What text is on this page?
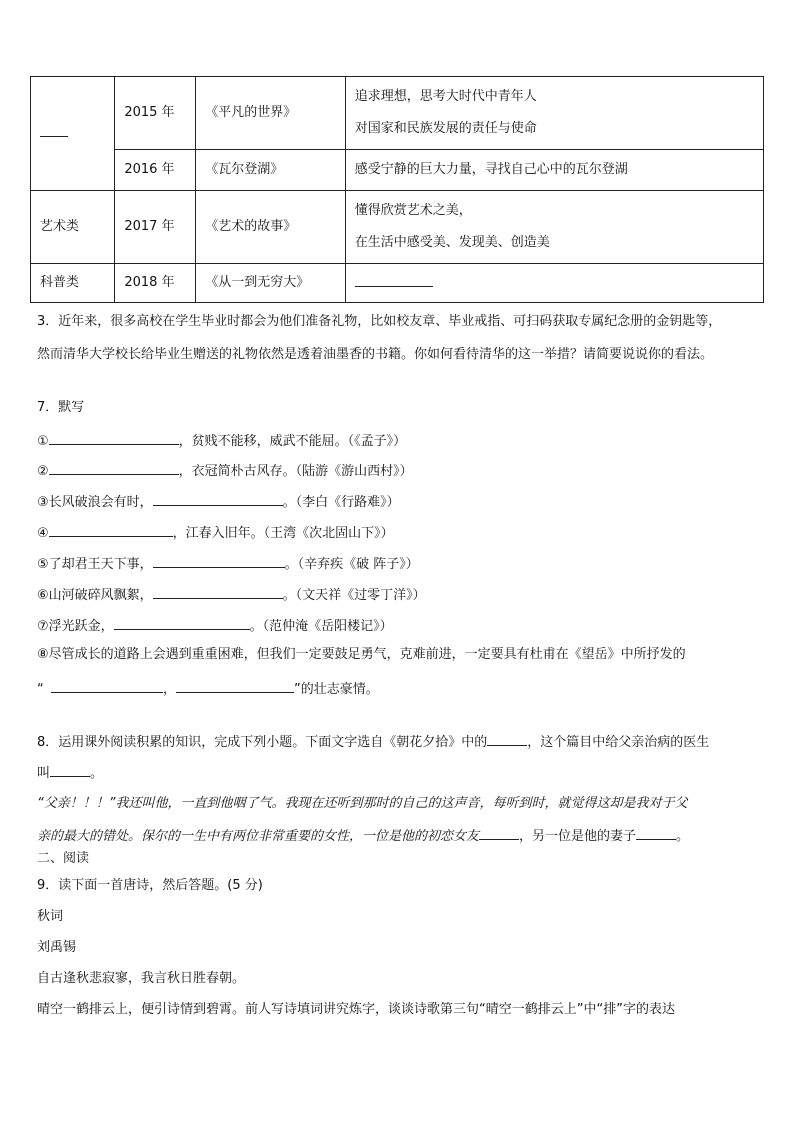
	2015 年	《平凡的世界》	追求理想，思考大时代中青年人
对国家和民族发展的责任与使命

	2016 年	《瓦尔登湖》	感受宁静的巨大力量，寻找自己心中的瓦尔登湖
艺术类	2017 年	《艺术的故事》	懂得欣赏艺术之美，
在生活中感受美、发现美、创造美

科普类	2018 年	《从一到无穷大》	
3．近年来，很多高校在学生毕业时都会为他们准备礼物，比如校友章、毕业戒指、可扫码获取专属纪念册的金钥匙等，
然而清华大学校长给毕业生赠送的礼物依然是透着油墨香的书籍。你如何看待清华的这一举措？请简要说说你的看法。
7．默写
①	，贫贱不能移，威武不能屈。（《孟子》）
②	，衣冠简朴古风存。（陆游《游山西村》）
③长风破浪会有时，	。（李白《行路难》）
④	，江春入旧年。（王湾《次北固山下》）
⑤了却君王天下事，	。（辛弃疾《破 阵子》）
⑥山河破碎风飘絮，	。（文天祥《过零丁洋》）
⑦浮光跃金，	。（范仲淹《岳阳楼记》）
⑧尽管成长的道路上会遇到重重困难，但我们一定要鼓足勇气，克难前进，一定要具有杜甫在《望岳》中所抒发的
“	，	”的壮志豪情。
8．运用课外阅读积累的知识，完成下列小题。下面文字选自《朝花夕拾》中的	，这个篇目中给父亲治病的医生
叫	。
“父亲！！！”我还叫他，一直到他咽了气。我现在还听到那时的自己的这声音，每听到时，就觉得这却是我对于父
亲的最大的错处。保尔的一生中有两位非常重要的女性，一位是他的初恋女友	，另一位是他的妻子	。
二、阅读
9．读下面一首唐诗，然后答题。(5 分)
秋词
刘禹锡
自古逢秋悲寂寥，我言秋日胜春朝。
晴空一鹤排云上，便引诗情到碧霄。前人写诗填词讲究炼字，谈谈诗歌第三句“晴空一鹤排云上”中“排”字的表达
